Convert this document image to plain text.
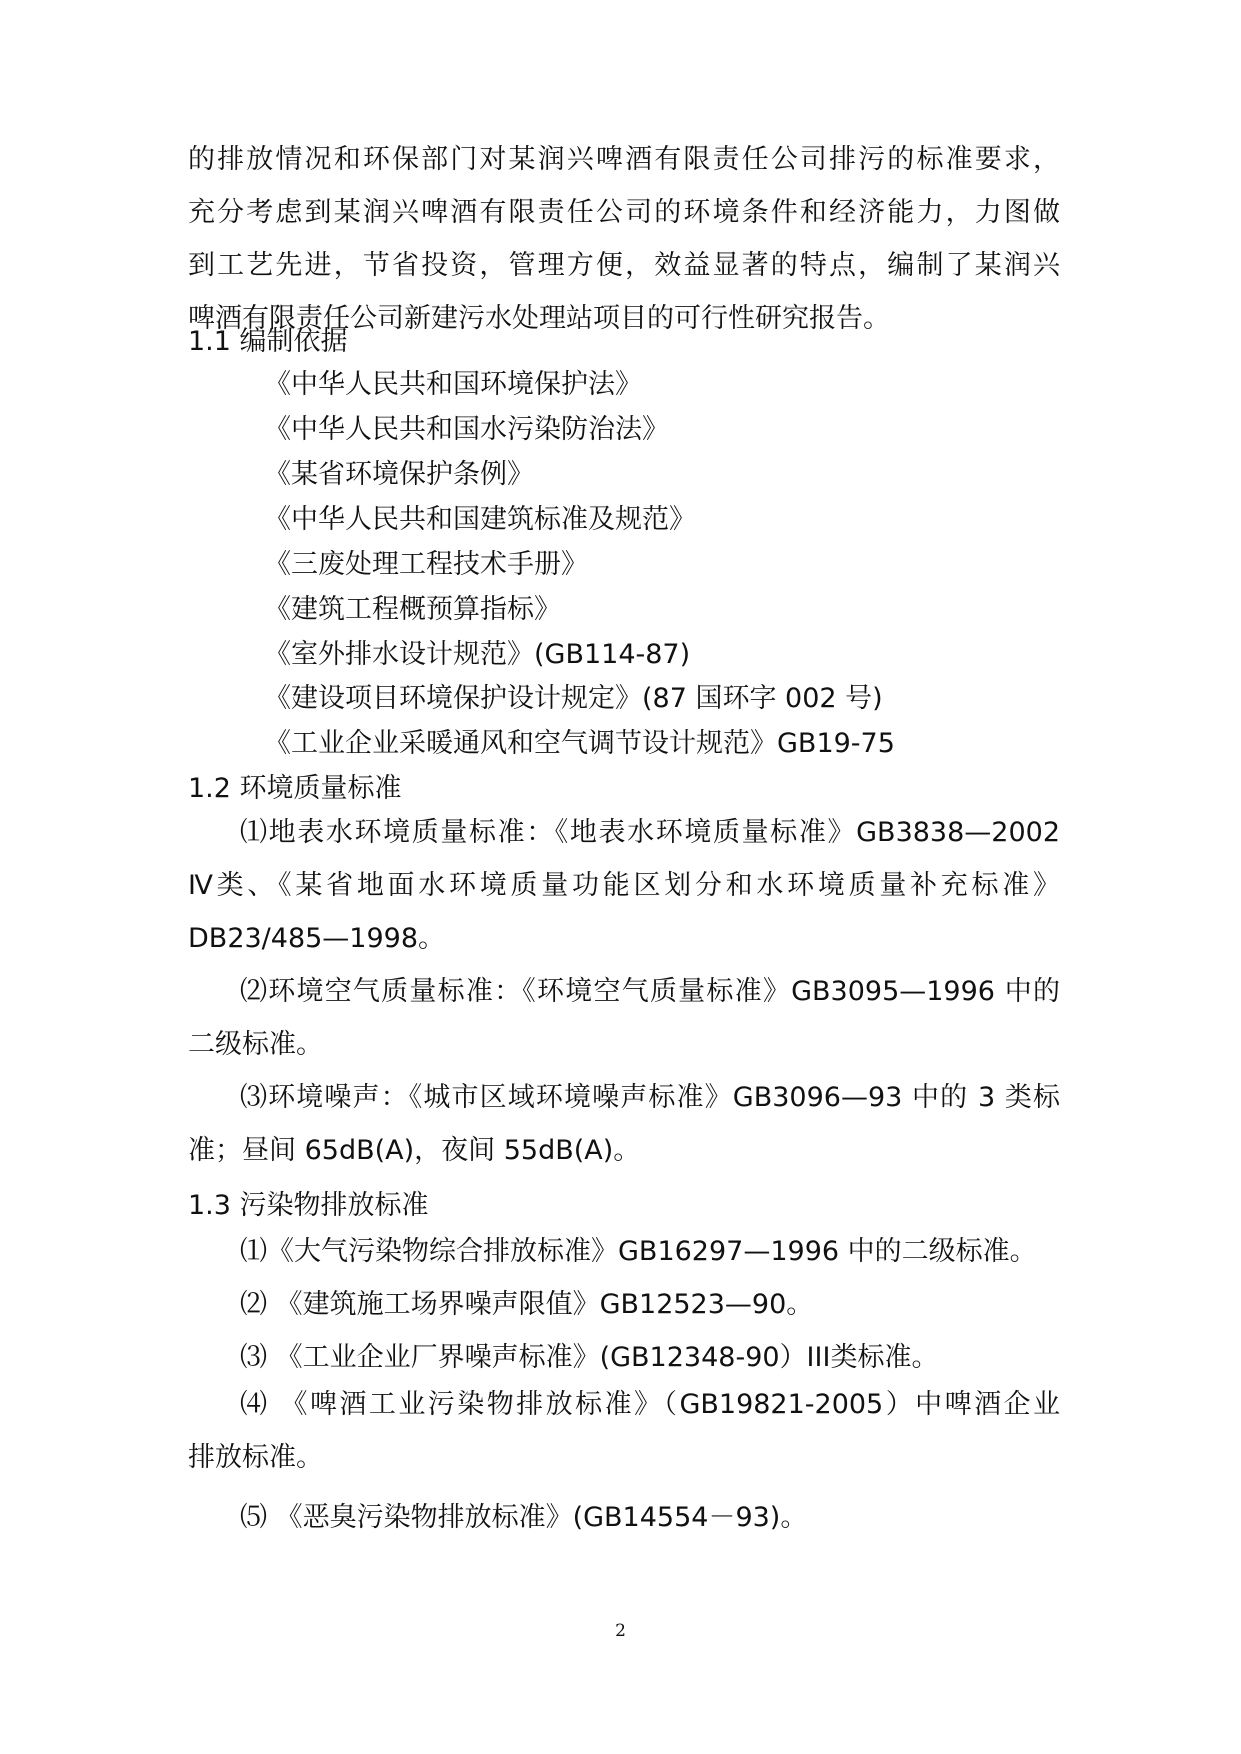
的排放情况和环保部门对某润兴啤酒有限责任公司排污的标准要求，
充分考虑到某润兴啤酒有限责任公司的环境条件和经济能力，力图做
到工艺先进，节省投资，管理方便，效益显著的特点，编制了某润兴
啤酒有限责任公司新建污水处理站项目的可行性研究报告。
1.1 编制依据
《中华人民共和国环境保护法》
《中华人民共和国水污染防治法》
《某省环境保护条例》
《中华人民共和国建筑标准及规范》
《三废处理工程技术手册》
《建筑工程概预算指标》
《室外排水设计规范》(GB114-87)
《建设项目环境保护设计规定》(87 国环字 002 号)
《工业企业采暖通风和空气调节设计规范》GB19-75
1.2 环境质量标准
⑴地表水环境质量标准：《地表水环境质量标准》GB3838—2002
Ⅳ类、《某省地面水环境质量功能区划分和水环境质量补充标准》
DB23/485—1998。
⑵环境空气质量标准：《环境空气质量标准》GB3095—1996 中的
二级标准。
⑶环境噪声：《城市区域环境噪声标准》GB3096—93 中的 3 类标
准；昼间 65dB(A)，夜间 55dB(A)。
1.3 污染物排放标准
⑴《大气污染物综合排放标准》GB16297—1996 中的二级标准。
⑵ 《建筑施工场界噪声限值》GB12523—90。
⑶ 《工业企业厂界噪声标准》(GB12348-90）III类标准。
⑷ 《啤酒工业污染物排放标准》（GB19821-2005）中啤酒企业
排放标准。
⑸ 《恶臭污染物排放标准》(GB14554－93)。
2
